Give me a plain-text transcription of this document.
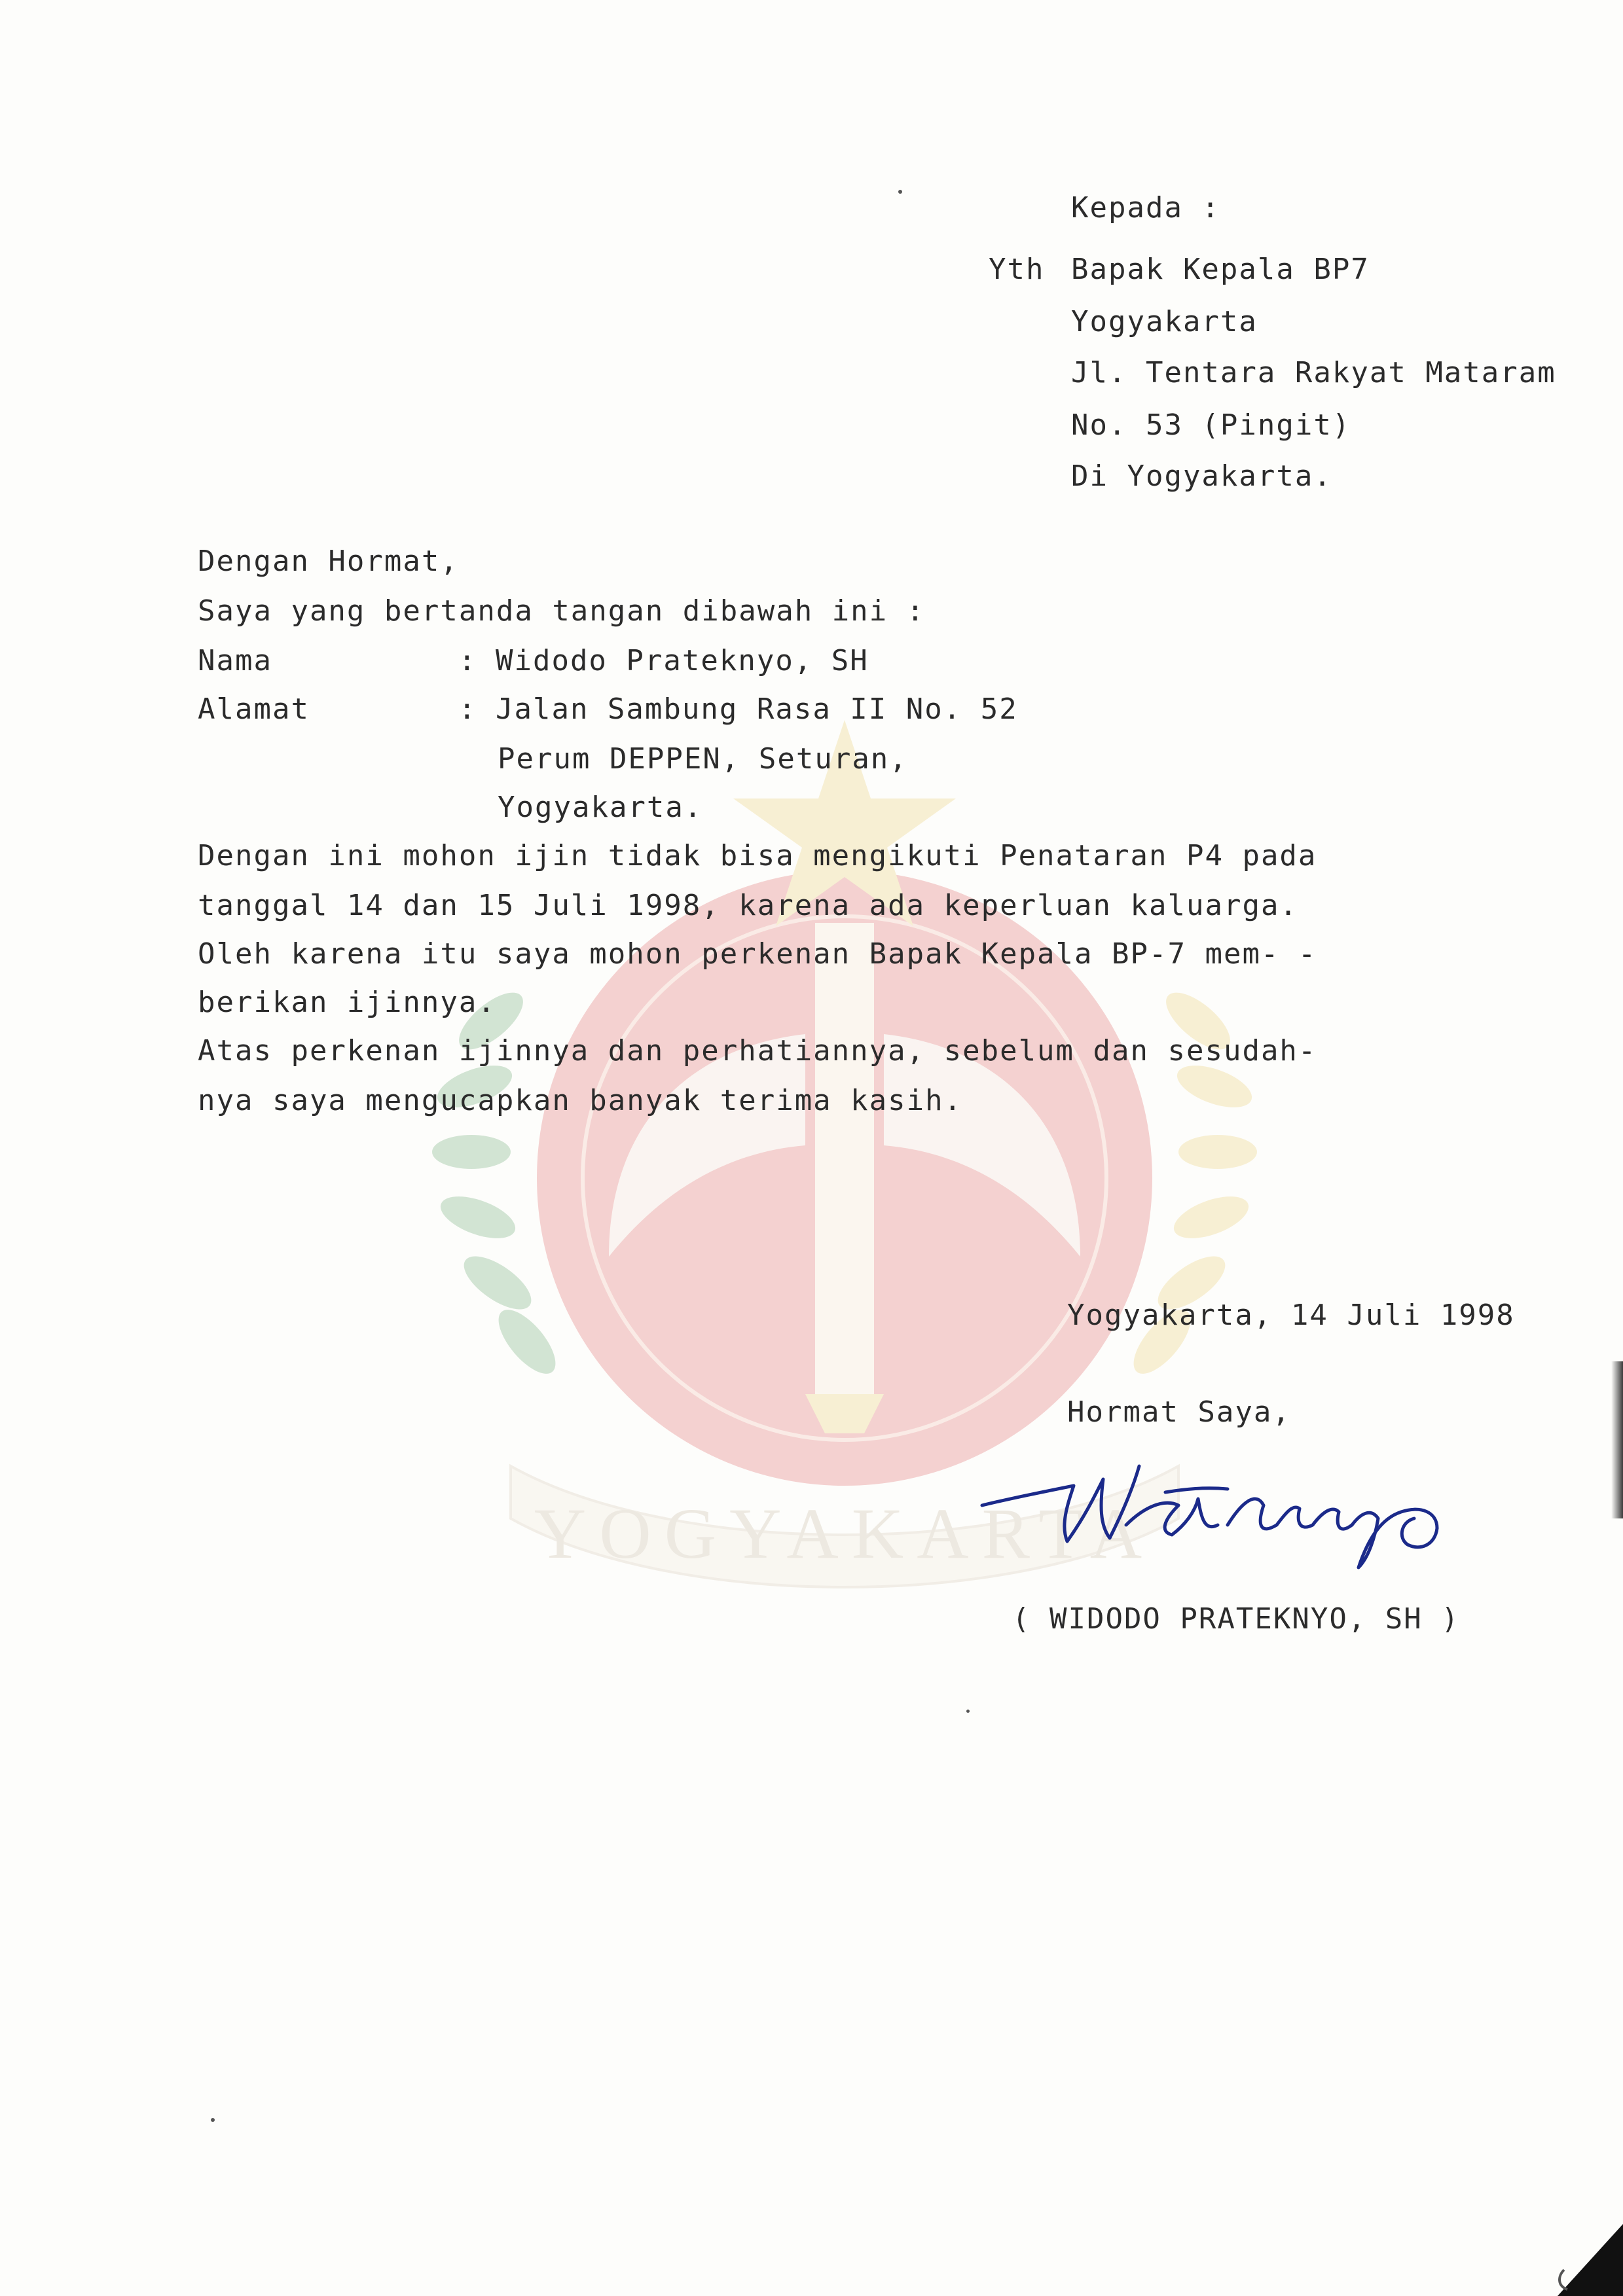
YOGYAKARTA
Kepada :
Yth Bapak Kepala BP7
Yogyakarta
Jl. Tentara Rakyat Mataram
No. 53 (Pingit)
Di Yogyakarta.
Dengan Hormat,
Saya yang bertanda tangan dibawah ini :
Nama	: Widodo Prateknyo, SH
Alamat	: Jalan Sambung Rasa II No. 52
Perum DEPPEN, Seturan,
Yogyakarta.
Dengan ini mohon ijin tidak bisa mengikuti Penataran P4 pada
tanggal 14 dan 15 Juli 1998, karena ada keperluan kaluarga.
Oleh karena itu saya mohon perkenan Bapak Kepala BP-7 mem- -
berikan ijinnya.
Atas perkenan ijinnya dan perhatiannya, sebelum dan sesudah-
nya saya mengucapkan banyak terima kasih.
Yogyakarta, 14 Juli 1998
Hormat Saya,
( WIDODO PRATEKNYO, SH )
